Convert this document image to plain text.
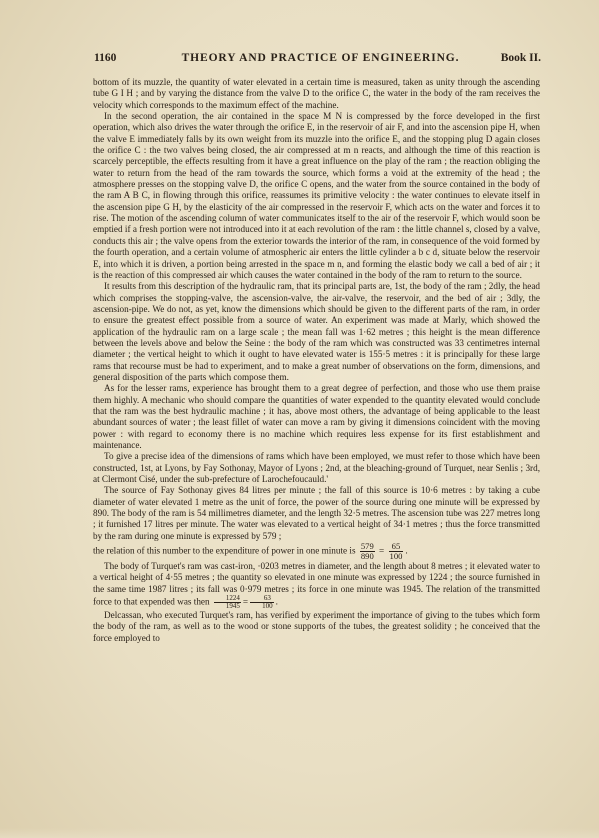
1160	THEORY AND PRACTICE OF ENGINEERING.	Book II.

bottom of its muzzle, the quantity of water elevated in a certain time is measured, taken as unity through the ascending tube G I H ; and by varying the distance from the valve D to the orifice C, the water in the body of the ram receives the velocity which corresponds to the maximum effect of the machine.

In the second operation, the air contained in the space M N is compressed by the force developed in the first operation, which also drives the water through the orifice E, in the reservoir of air F, and into the ascension pipe H, when the valve E immediately falls by its own weight from its muzzle into the orifice E, and the stopping plug D again closes the orifice C : the two valves being closed, the air compressed at m n reacts, and although the time of this reaction is scarcely perceptible, the effects resulting from it have a great influence on the play of the ram ; the reaction obliging the water to return from the head of the ram towards the source, which forms a void at the extremity of the head ; the atmosphere presses on the stopping valve D, the orifice C opens, and the water from the source contained in the body of the ram A B C, in flowing through this orifice, reassumes its primitive velocity : the water continues to elevate itself in the ascension pipe G H, by the elasticity of the air compressed in the reservoir F, which acts on the water and forces it to rise. The motion of the ascending column of water communicates itself to the air of the reservoir F, which would soon be emptied if a fresh portion were not introduced into it at each revolution of the ram : the little channel s, closed by a valve, conducts this air ; the valve opens from the exterior towards the interior of the ram, in consequence of the void formed by the fourth operation, and a certain volume of atmospheric air enters the little cylinder a b c d, situate below the reservoir E, into which it is driven, a portion being arrested in the space m n, and forming the elastic body we call a bed of air ; it is the reaction of this compressed air which causes the water contained in the body of the ram to return to the source.

It results from this description of the hydraulic ram, that its principal parts are, 1st, the body of the ram ; 2dly, the head which comprises the stopping-valve, the ascension-valve, the air-valve, the reservoir, and the bed of air ; 3dly, the ascension-pipe. We do not, as yet, know the dimensions which should be given to the different parts of the ram, in order to ensure the greatest effect possible from a source of water. An experiment was made at Marly, which showed the application of the hydraulic ram on a large scale ; the mean fall was 1·62 metres ; this height is the mean difference between the levels above and below the Seine : the body of the ram which was constructed was 33 centimetres internal diameter ; the vertical height to which it ought to have elevated water is 155·5 metres : it is principally for these large rams that recourse must be had to experiment, and to make a great number of observations on the form, dimensions, and general disposition of the parts which compose them.

As for the lesser rams, experience has brought them to a great degree of perfection, and those who use them praise them highly. A mechanic who should compare the quantities of water expended to the quantity elevated would conclude that the ram was the best hydraulic machine ; it has, above most others, the advantage of being applicable to the least abundant sources of water ; the least fillet of water can move a ram by giving it dimensions coincident with the moving power : with regard to economy there is no machine which requires less expense for its first establishment and maintenance.

To give a precise idea of the dimensions of rams which have been employed, we must refer to those which have been constructed, 1st, at Lyons, by Fay Sothonay, Mayor of Lyons ; 2nd, at the bleaching-ground of Turquet, near Senlis ; 3rd, at Clermont Cisé, under the sub-prefecture of Larochefoucauld.'

The source of Fay Sothonay gives 84 litres per minute ; the fall of this source is 10·6 metres : by taking a cube diameter of water elevated 1 metre as the unit of force, the power of the source during one minute will be expressed by 890. The body of the ram is 54 millimetres diameter, and the length 32·5 metres. The ascension tube was 227 metres long ; it furnished 17 litres per minute. The water was elevated to a vertical height of 34·1 metres ; thus the force transmitted by the ram during one minute is expressed by 579 ;

the relation of this number to the expenditure of power in one minute is $\frac{579}{890} = \frac{65}{100}$ .

The body of Turquet's ram was cast-iron, ·0203 metres in diameter, and the length about 8 metres ; it elevated water to a vertical height of 4·55 metres ; the quantity so elevated in one minute was expressed by 1224 ; the source furnished in the same time 1987 litres ; its fall was 0·979 metres ; its force in one minute was 1945. The relation of the transmitted force to that expended was then $\frac{1224}{1945} = \frac{63}{100}$ .

Delcassan, who executed Turquet's ram, has verified by experiment the importance of giving to the tubes which form the body of the ram, as well as to the wood or stone supports of the tubes, the greatest solidity ; he conceived that the force employed to
